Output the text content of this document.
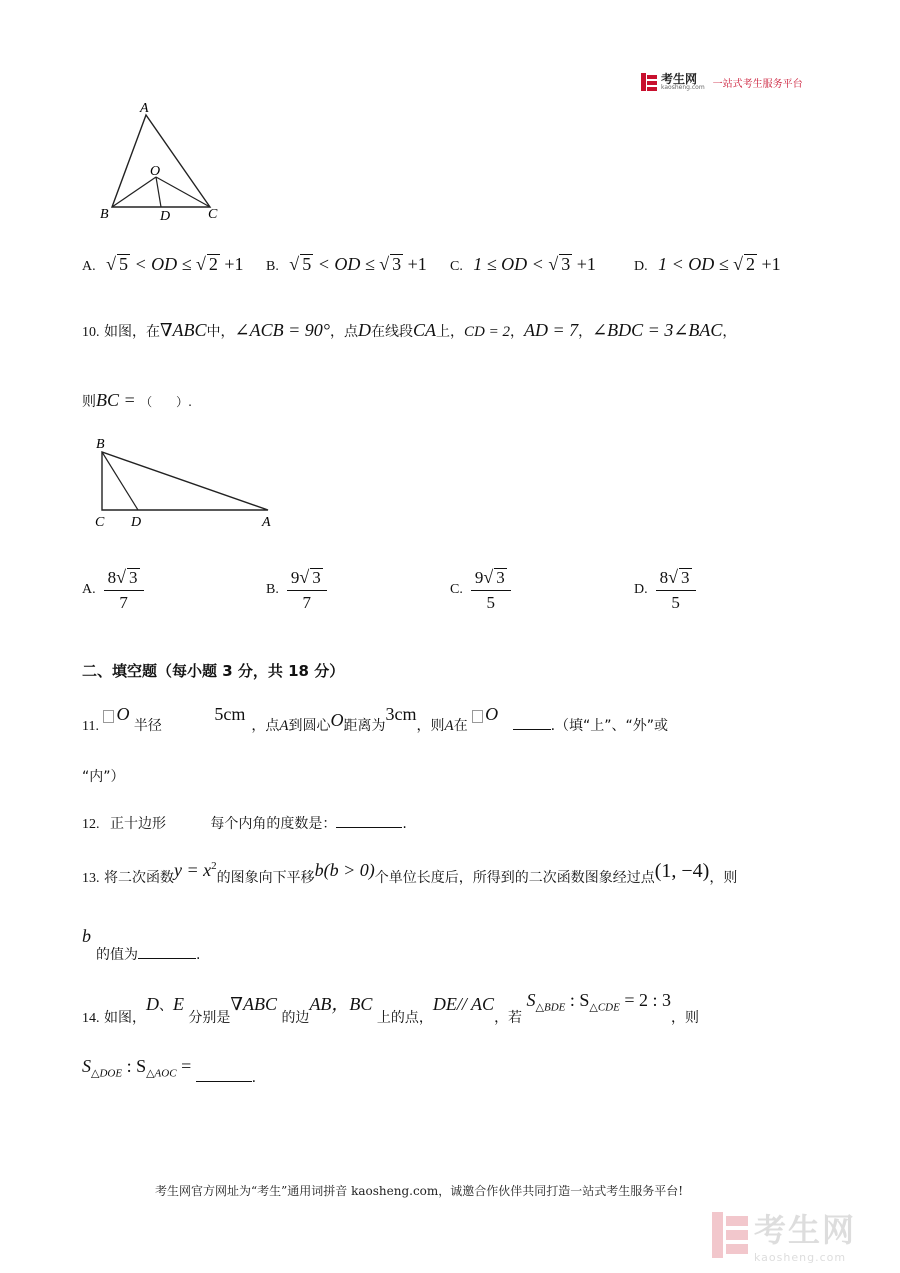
考生网
kaosheng.com 一站式考生服务平台
A
O
B	D	C
A. √ 5 < OD ≤ √ 2 +1 B. √ 5 < OD ≤ √ 3 +1 C. 1 ≤ OD < √ 3 +1	D. 1 < OD ≤ √ 2 +1
10. 如图，在∇ABC中，∠ACB = 90°，点D在线段CA上，CD = 2，AD = 7，∠BDC = 3∠BAC，
则BC = （　　）.
B
C D	A
A. $\frac{8√ 3}{7}$	B. $\frac{9√ 3}{7}$	C. $\frac{9√ 3}{5}$	D. $\frac{8√ 3}{5}$
二、填空题（每小题 3 分，共 18 分）
11. O 半径 5cm，点A到圆心O距离为3cm，则A在 O .（填“上”、“外”或
“内”）
12. 正十边形	每个内角的度数是：	.
13. 将二次函数$y = x^2$的图象向下平移b(b > 0)个单位长度后，所得到的二次函数图象经过点(1, −4)，则
b
的值为	.
14. 如图，D、E 分别是∇ABC 的边AB，BC 上的点，DE// AC，若 $S_{\triangle BDE}$ : $S_{\triangle CDE} = 2$ : 3，则
$S_{\triangle DOE}$ : $S_{\triangle AOC}$ = .
考生网官方网址为“考生”通用词拼音 kaosheng.com，诚邀合作伙伴共同打造一站式考生服务平台!
考生网
kaosheng.com
